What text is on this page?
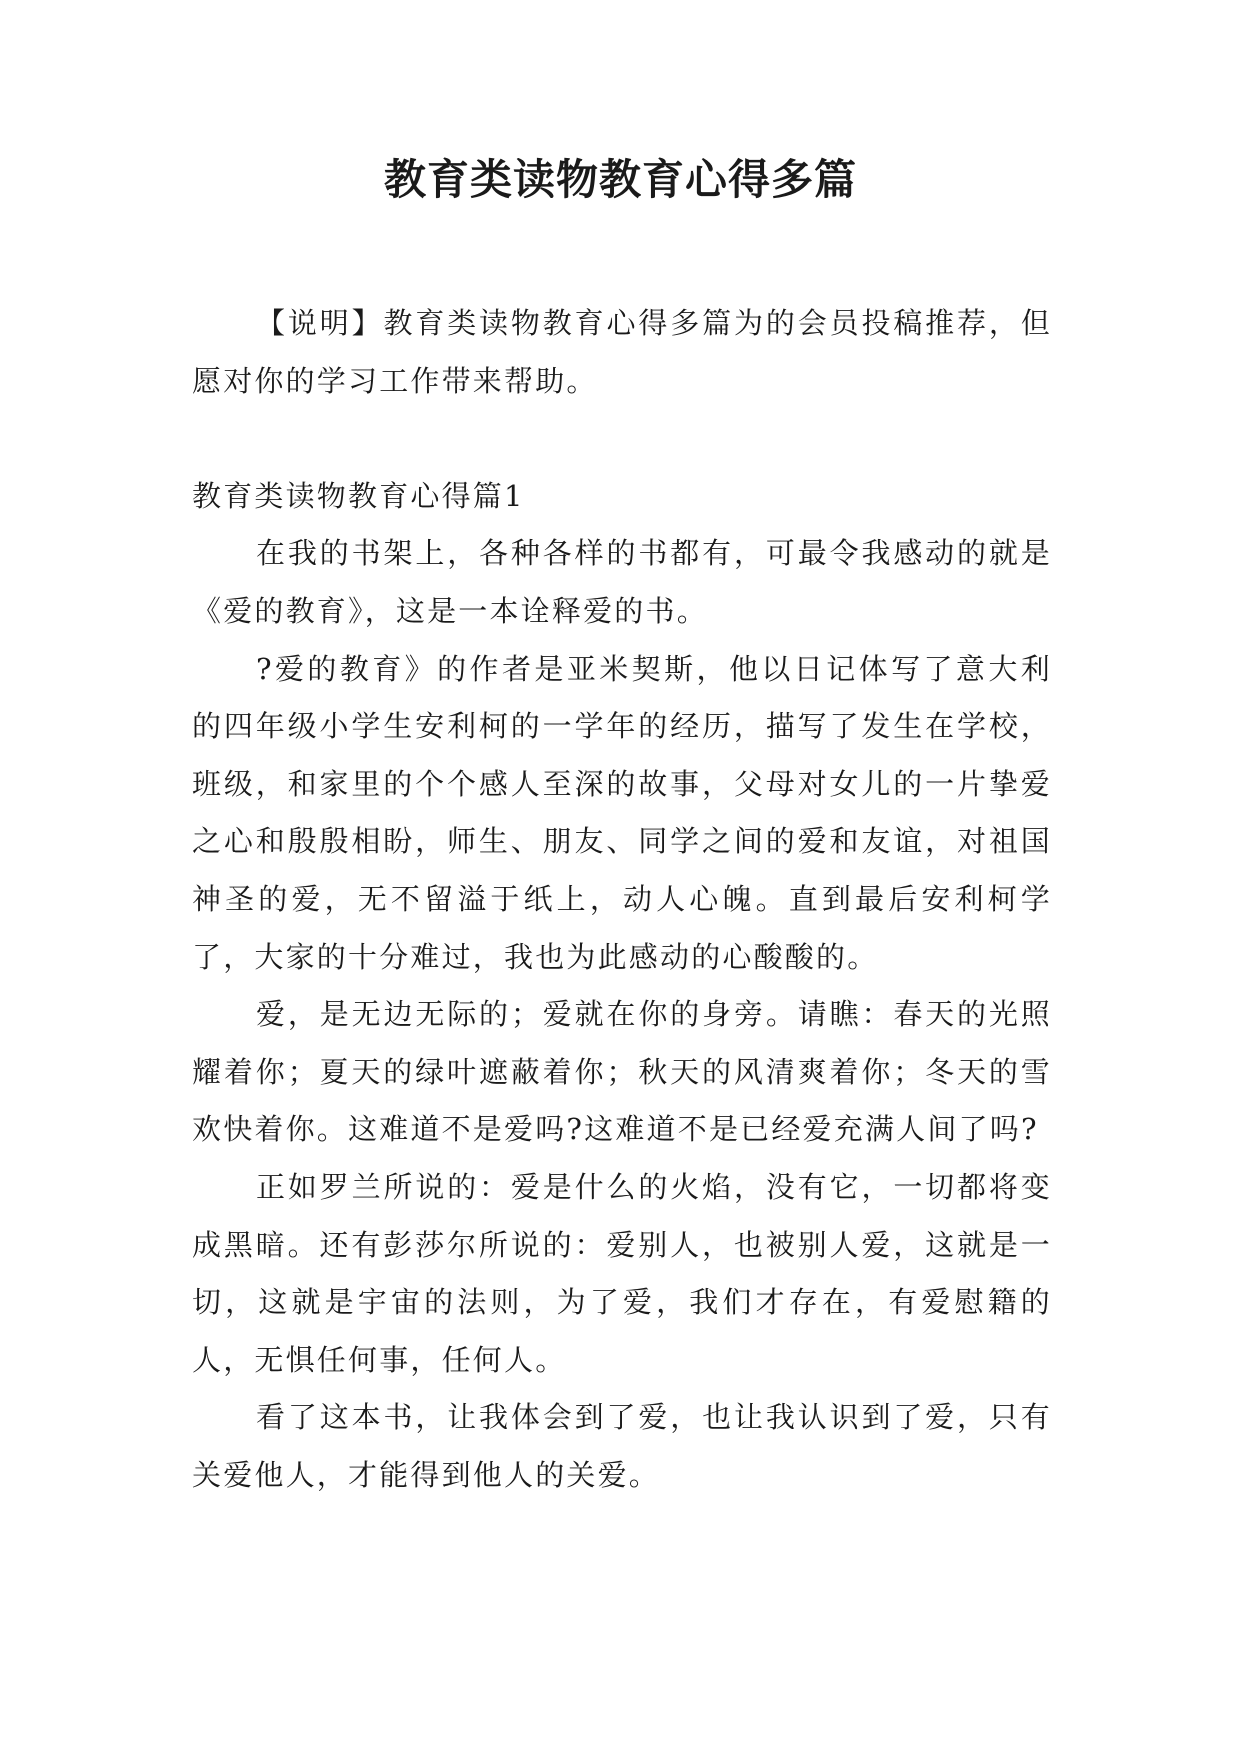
教育类读物教育心得多篇

【说明】教育类读物教育心得多篇为的会员投稿推荐，但愿对你的学习工作带来帮助。

教育类读物教育心得篇1

在我的书架上，各种各样的书都有，可最令我感动的就是《爱的教育》，这是一本诠释爱的书。

?爱的教育》的作者是亚米契斯，他以日记体写了意大利的四年级小学生安利柯的一学年的经历，描写了发生在学校，班级，和家里的个个感人至深的故事，父母对女儿的一片挚爱之心和殷殷相盼，师生、朋友、同学之间的爱和友谊，对祖国神圣的爱，无不留溢于纸上，动人心魄。直到最后安利柯学了，大家的十分难过，我也为此感动的心酸酸的。

爱，是无边无际的；爱就在你的身旁。请瞧：春天的光照耀着你；夏天的绿叶遮蔽着你；秋天的风清爽着你；冬天的雪欢快着你。这难道不是爱吗?这难道不是已经爱充满人间了吗?

正如罗兰所说的：爱是什么的火焰，没有它，一切都将变成黑暗。还有彭莎尔所说的：爱别人，也被别人爱，这就是一切，这就是宇宙的法则，为了爱，我们才存在，有爱慰籍的人，无惧任何事，任何人。

看了这本书，让我体会到了爱，也让我认识到了爱，只有关爱他人，才能得到他人的关爱。
